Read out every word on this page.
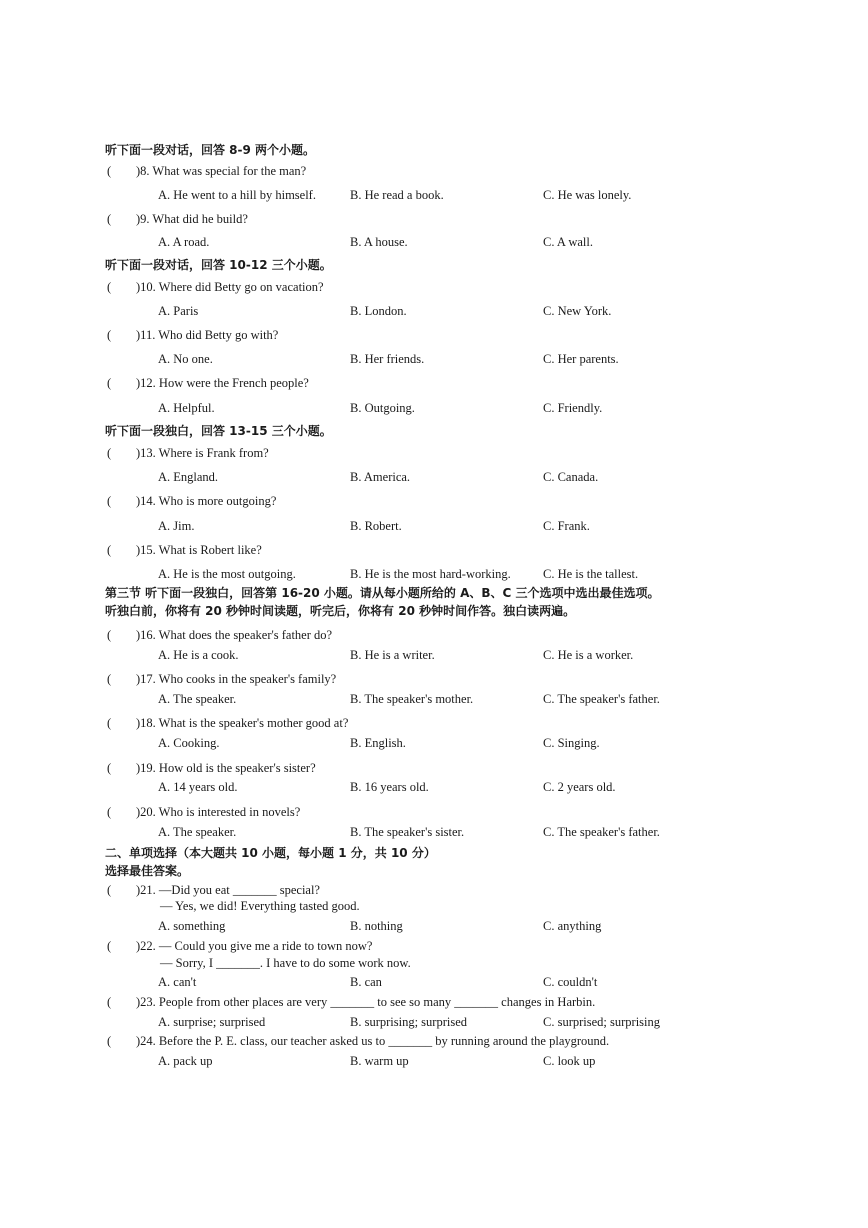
听下面一段对话，回答 8-9 两个小题。
( )8. What was special for the man?
A. He went to a hill by himself.	B. He read a book.	C. He was lonely.
( )9. What did he build?
A. A road.	B. A house.	C. A wall.
听下面一段对话，回答 10-12 三个小题。
( )10. Where did Betty go on vacation?
A. Paris	B. London.	C. New York.
( )11. Who did Betty go with?
A. No one.	B. Her friends.	C. Her parents.
( )12. How were the French people?
A. Helpful.	B. Outgoing.	C. Friendly.
听下面一段独白，回答 13-15 三个小题。
( )13. Where is Frank from?
A. England.	B. America.	C. Canada.
( )14. Who is more outgoing?
A. Jim.	B. Robert.	C. Frank.
( )15. What is Robert like?
A. He is the most outgoing.	B. He is the most hard-working.	C. He is the tallest.
第三节 听下面一段独白，回答第 16-20 小题。请从每小题所给的 A、B、C 三个选项中选出最佳选项。
听独白前，你将有 20 秒钟时间读题，听完后，你将有 20 秒钟时间作答。独白读两遍。
( )16. What does the speaker's father do?
A. He is a cook.	B. He is a writer.	C. He is a worker.
( )17. Who cooks in the speaker's family?
A. The speaker.	B. The speaker's mother.	C. The speaker's father.
( )18. What is the speaker's mother good at?
A. Cooking.	B. English.	C. Singing.
( )19. How old is the speaker's sister?
A. 14 years old.	B. 16 years old.	C. 2 years old.
( )20. Who is interested in novels?
A. The speaker.	B. The speaker's sister.	C. The speaker's father.
二、单项选择（本大题共 10 小题，每小题 1 分，共 10 分）
选择最佳答案。
( )21. —Did you eat _______ special?
— Yes, we did! Everything tasted good.
A. something	B. nothing	C. anything
( )22. — Could you give me a ride to town now?
— Sorry, I _______. I have to do some work now.
A. can't	B. can	C. couldn't
( )23. People from other places are very _______ to see so many _______ changes in Harbin.
A. surprise; surprised	B. surprising; surprised	C. surprised; surprising
( )24. Before the P. E. class, our teacher asked us to _______ by running around the playground.
A. pack up	B. warm up	C. look up
